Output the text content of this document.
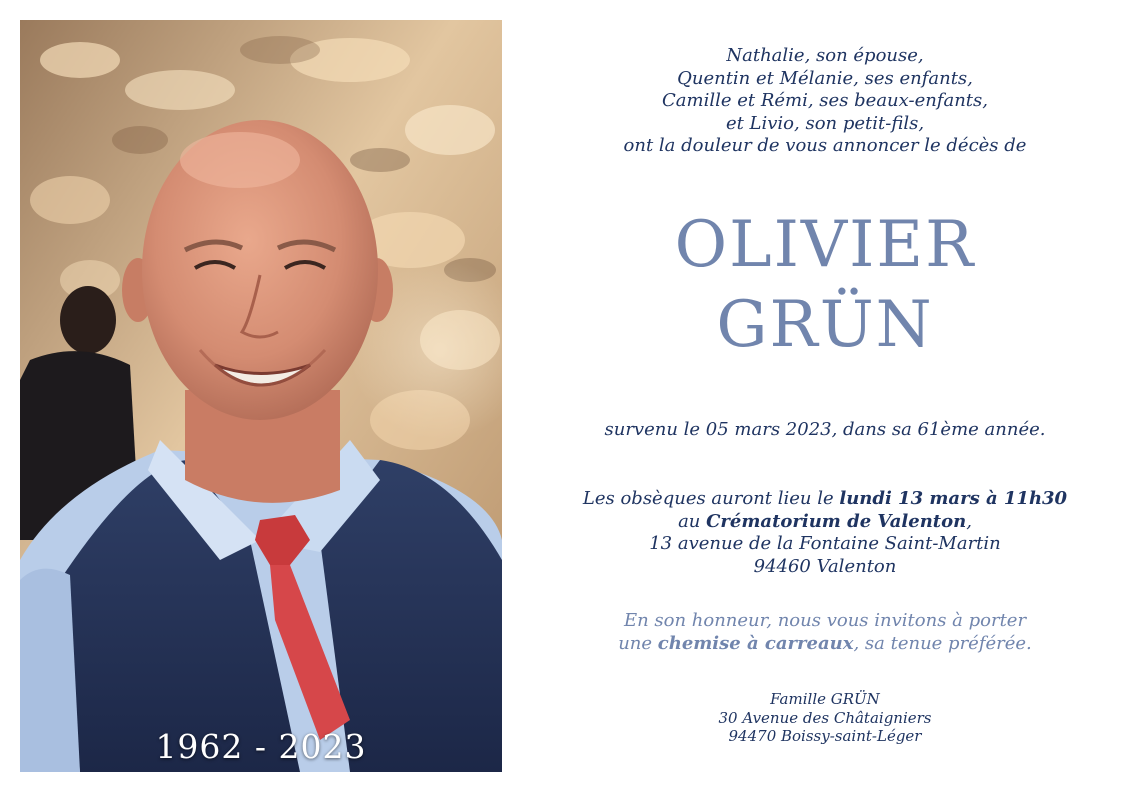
1962 - 2023
Nathalie, son épouse,
Quentin et Mélanie, ses enfants,
Camille et Rémi, ses beaux-enfants,
et Livio, son petit-fils,
ont la douleur de vous annoncer le décès de
OLIVIER
GRÜN
survenu le 05 mars 2023, dans sa 61ème année.
Les obsèques auront lieu le lundi 13 mars à 11h30
au Crématorium de Valenton,
13 avenue de la Fontaine Saint-Martin
94460 Valenton
En son honneur, nous vous invitons à porter
une chemise à carreaux, sa tenue préférée.
Famille GRÜN
30 Avenue des Châtaigniers
94470 Boissy-saint-Léger
